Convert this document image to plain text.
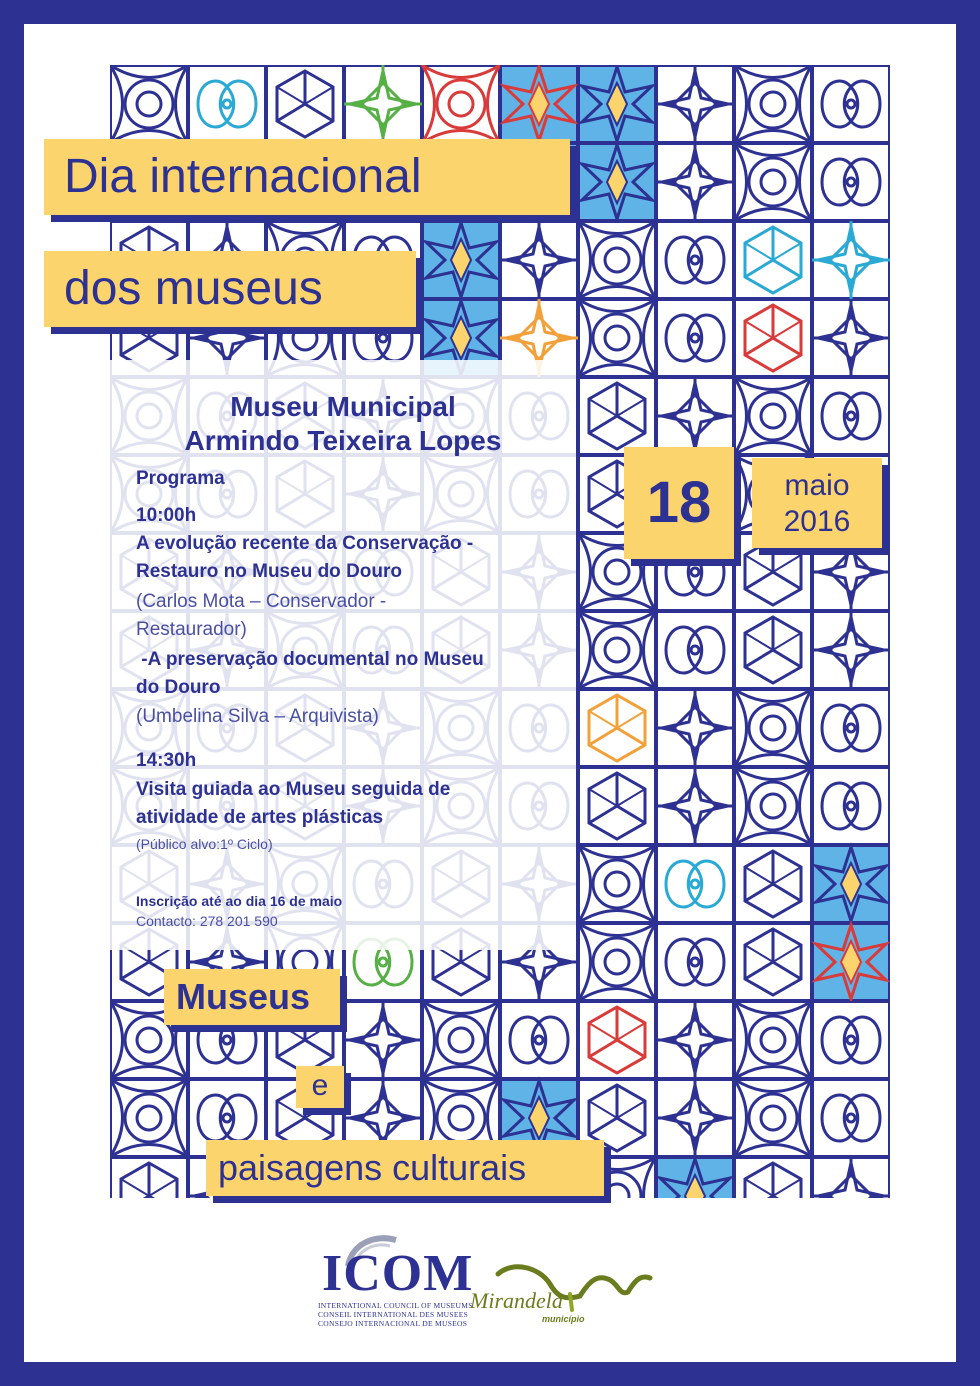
Dia internacional
dos museus
Museu Municipal
Armindo Teixeira Lopes
18	maio
2016
Programa
10:00h
A evolução recente da Conservação -
Restauro no Museu do Douro
(Carlos Mota – Conservador -
Restaurador)
-A preservação documental no Museu
do Douro
(Umbelina Silva – Arquivista)
14:30h
Visita guiada ao Museu seguida de
atividade de artes plásticas
(Público alvo:1º Ciclo)
Inscrição até ao dia 16 de maio
Contacto: 278 201 590
Museus
e
paisagens culturais
ICOM
INTERNATIONAL COUNCIL OF MUSEUMS
CONSEIL INTERNATIONAL DES MUSEES
CONSEJO INTERNACIONAL DE MUSEOS
Mirandela
município
